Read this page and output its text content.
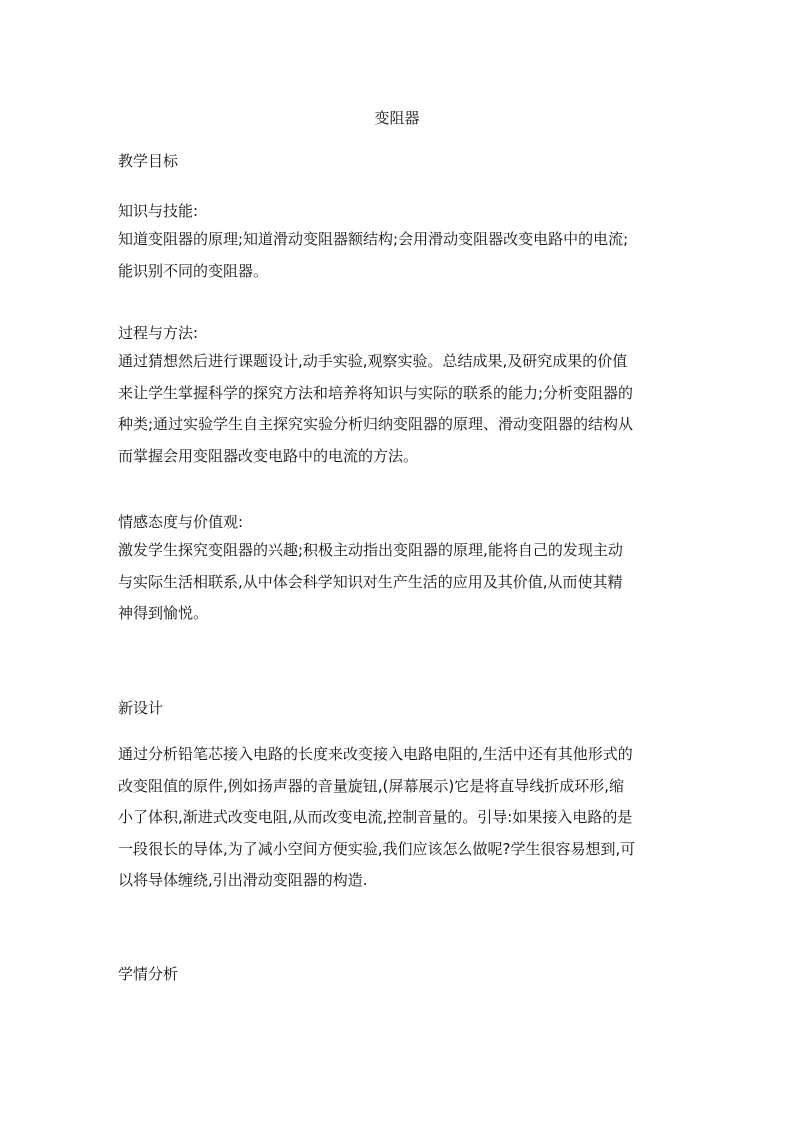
变阻器
教学目标
知识与技能:

知道变阻器的原理;知道滑动变阻器额结构;会用滑动变阻器改变电路中的电流;

能识别不同的变阻器。

过程与方法:

通过猜想然后进行课题设计,动手实验,观察实验。总结成果,及研究成果的价值

来让学生掌握科学的探究方法和培养将知识与实际的联系的能力;分析变阻器的

种类;通过实验学生自主探究实验分析归纳变阻器的原理、滑动变阻器的结构从

而掌握会用变阻器改变电路中的电流的方法。

情感态度与价值观:

激发学生探究变阻器的兴趣;积极主动指出变阻器的原理,能将自己的发现主动

与实际生活相联系,从中体会科学知识对生产生活的应用及其价值,从而使其精

神得到愉悦。

新设计

通过分析铅笔芯接入电路的长度来改变接入电路电阻的,生活中还有其他形式的

改变阻值的原件,例如扬声器的音量旋钮,(屏幕展示)它是将直导线折成环形,缩

小了体积,渐进式改变电阻,从而改变电流,控制音量的。引导:如果接入电路的是

一段很长的导体,为了减小空间方便实验,我们应该怎么做呢?学生很容易想到,可

以将导体缠绕,引出滑动变阻器的构造.

学情分析
